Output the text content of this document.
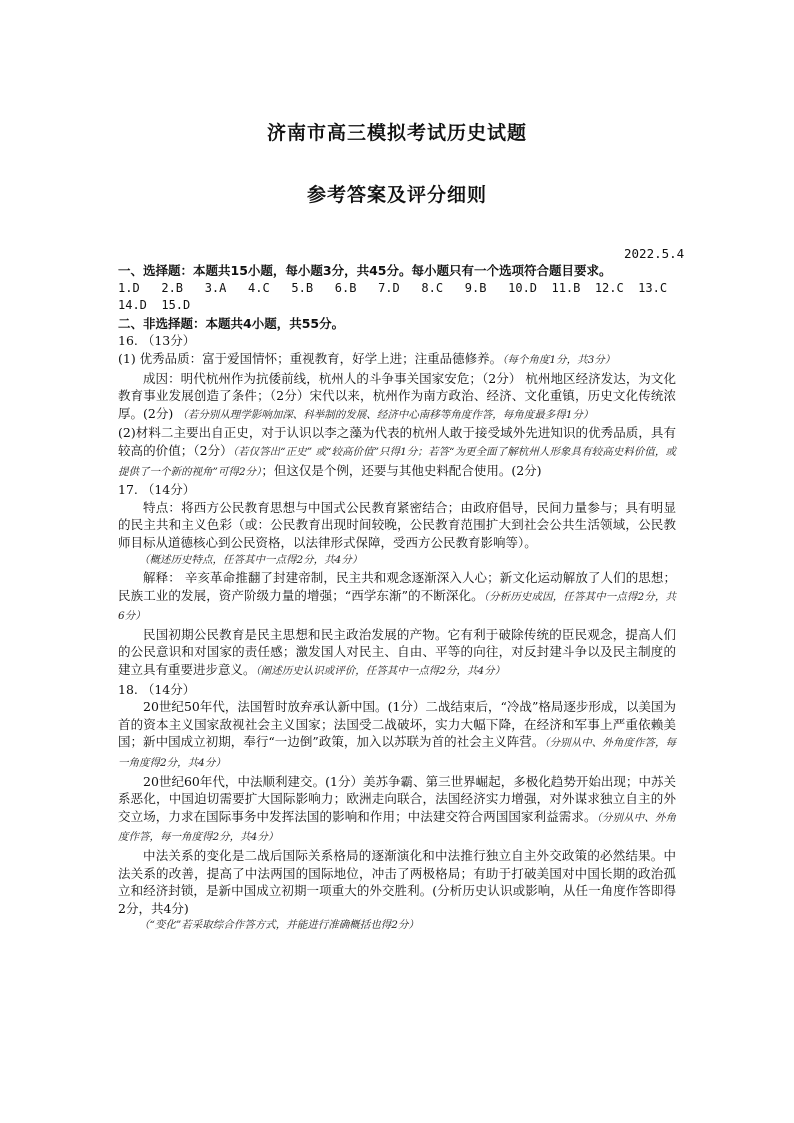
济南市高三模拟考试历史试题
参考答案及评分细则
2022.5.4

一、选择题：本题共15小题，每小题3分，共45分。每小题只有一个选项符合题目要求。

1.D   2.B   3.A   4.C   5.B   6.B   7.D   8.C   9.B   10.D  11.B  12.C  13.C

14.D  15.D

二、非选择题：本题共4小题，共55分。

16. （13分）

(1) 优秀品质：富于爱国情怀；重视教育，好学上进；注重品德修养。（每个角度1分，共3分）

成因：明代杭州作为抗倭前线，杭州人的斗争事关国家安危；（2分） 杭州地区经济发达，为文化教育事业发展创造了条件；（2分）宋代以来，杭州作为南方政治、经济、文化重镇，历史文化传统浓厚。(2分) （若分别从理学影响加深、科举制的发展、经济中心南移等角度作答，每角度最多得1分）

(2)材料二主要出自正史，对于认识以李之藻为代表的杭州人敢于接受域外先进知识的优秀品质，具有较高的价值；（2分）（若仅答出“正史” 或“较高价值”只得1分；若答“为更全面了解杭州人形象具有较高史料价值，或提供了一个新的视角”可得2分）；但这仅是个例，还要与其他史料配合使用。(2分)

17. （14分）

特点：将西方公民教育思想与中国式公民教育紧密结合；由政府倡导，民间力量参与；具有明显的民主共和主义色彩（或：公民教育出现时间较晚，公民教育范围扩大到社会公共生活领域，公民教师目标从道德核心到公民资格，以法律形式保障，受西方公民教育影响等）。

（概述历史特点，任答其中一点得2分，共4分）

解释： 辛亥革命推翻了封建帝制，民主共和观念逐渐深入人心；新文化运动解放了人们的思想；民族工业的发展，资产阶级力量的增强；“西学东渐”的不断深化。（分析历史成因，任答其中一点得2分，共6分）

民国初期公民教育是民主思想和民主政治发展的产物。它有利于破除传统的臣民观念，提高人们的公民意识和对国家的责任感；激发国人对民主、自由、平等的向往，对反封建斗争以及民主制度的建立具有重要进步意义。（阐述历史认识或评价，任答其中一点得2分，共4分）

18. （14分）

20世纪50年代，法国暂时放弃承认新中国。(1分）二战结束后，“冷战”格局逐步形成，以美国为首的资本主义国家敌视社会主义国家；法国受二战破坏，实力大幅下降，在经济和军事上严重依赖美国；新中国成立初期，奉行“一边倒”政策，加入以苏联为首的社会主义阵营。（分别从中、外角度作答，每一角度得2分，共4分）

20世纪60年代，中法顺利建交。(1分）美苏争霸、第三世界崛起，多极化趋势开始出现；中苏关系恶化，中国迫切需要扩大国际影响力；欧洲走向联合，法国经济实力增强，对外谋求独立自主的外交立场，力求在国际事务中发挥法国的影响和作用；中法建交符合两国国家利益需求。（分别从中、外角度作答，每一角度得2分，共4分）

中法关系的变化是二战后国际关系格局的逐渐演化和中法推行独立自主外交政策的必然结果。中法关系的改善，提高了中法两国的国际地位，冲击了两极格局；有助于打破美国对中国长期的政治孤立和经济封锁，是新中国成立初期一项重大的外交胜利。(分析历史认识或影响，从任一角度作答即得2分，共4分)

（“变化”若采取综合作答方式，并能进行准确概括也得2分）
